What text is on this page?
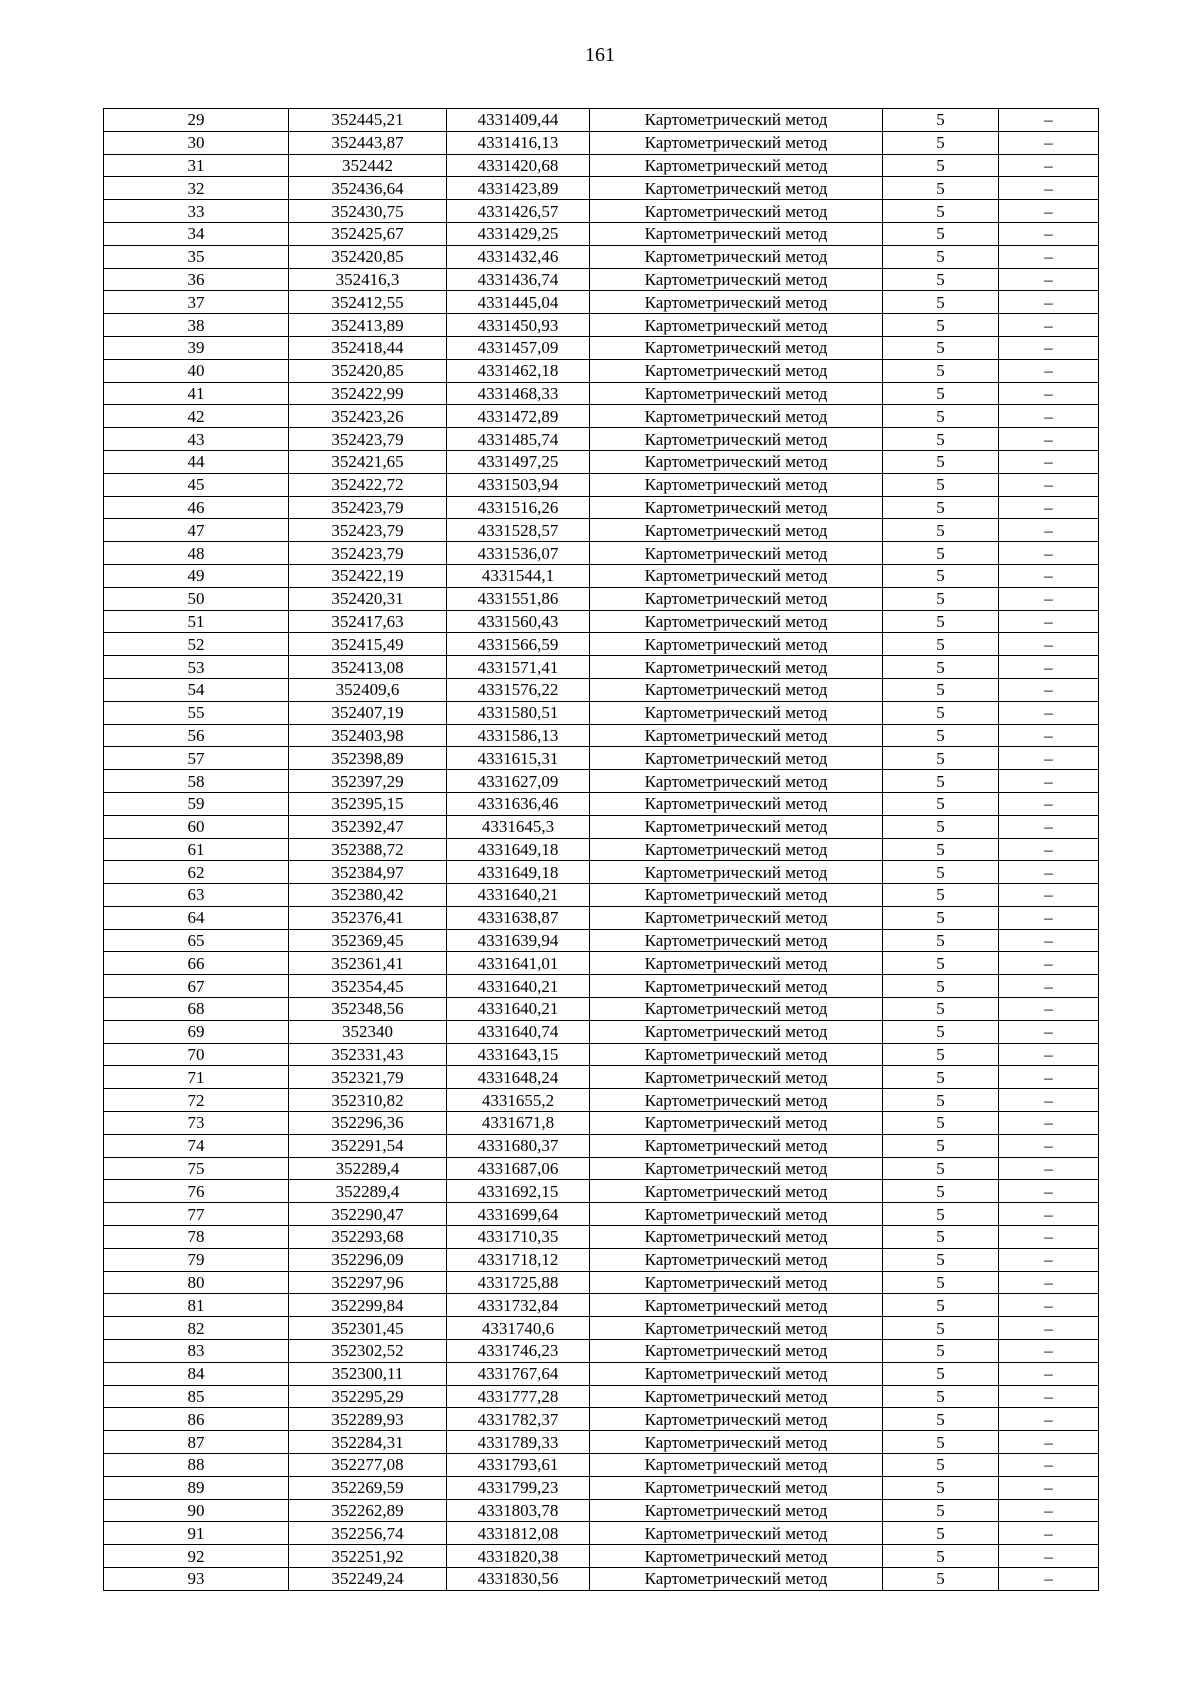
161
29	352445,21	4331409,44	Картометрический метод	5	–
30	352443,87	4331416,13	Картометрический метод	5	–
31	352442	4331420,68	Картометрический метод	5	–
32	352436,64	4331423,89	Картометрический метод	5	–
33	352430,75	4331426,57	Картометрический метод	5	–
34	352425,67	4331429,25	Картометрический метод	5	–
35	352420,85	4331432,46	Картометрический метод	5	–
36	352416,3	4331436,74	Картометрический метод	5	–
37	352412,55	4331445,04	Картометрический метод	5	–
38	352413,89	4331450,93	Картометрический метод	5	–
39	352418,44	4331457,09	Картометрический метод	5	–
40	352420,85	4331462,18	Картометрический метод	5	–
41	352422,99	4331468,33	Картометрический метод	5	–
42	352423,26	4331472,89	Картометрический метод	5	–
43	352423,79	4331485,74	Картометрический метод	5	–
44	352421,65	4331497,25	Картометрический метод	5	–
45	352422,72	4331503,94	Картометрический метод	5	–
46	352423,79	4331516,26	Картометрический метод	5	–
47	352423,79	4331528,57	Картометрический метод	5	–
48	352423,79	4331536,07	Картометрический метод	5	–
49	352422,19	4331544,1	Картометрический метод	5	–
50	352420,31	4331551,86	Картометрический метод	5	–
51	352417,63	4331560,43	Картометрический метод	5	–
52	352415,49	4331566,59	Картометрический метод	5	–
53	352413,08	4331571,41	Картометрический метод	5	–
54	352409,6	4331576,22	Картометрический метод	5	–
55	352407,19	4331580,51	Картометрический метод	5	–
56	352403,98	4331586,13	Картометрический метод	5	–
57	352398,89	4331615,31	Картометрический метод	5	–
58	352397,29	4331627,09	Картометрический метод	5	–
59	352395,15	4331636,46	Картометрический метод	5	–
60	352392,47	4331645,3	Картометрический метод	5	–
61	352388,72	4331649,18	Картометрический метод	5	–
62	352384,97	4331649,18	Картометрический метод	5	–
63	352380,42	4331640,21	Картометрический метод	5	–
64	352376,41	4331638,87	Картометрический метод	5	–
65	352369,45	4331639,94	Картометрический метод	5	–
66	352361,41	4331641,01	Картометрический метод	5	–
67	352354,45	4331640,21	Картометрический метод	5	–
68	352348,56	4331640,21	Картометрический метод	5	–
69	352340	4331640,74	Картометрический метод	5	–
70	352331,43	4331643,15	Картометрический метод	5	–
71	352321,79	4331648,24	Картометрический метод	5	–
72	352310,82	4331655,2	Картометрический метод	5	–
73	352296,36	4331671,8	Картометрический метод	5	–
74	352291,54	4331680,37	Картометрический метод	5	–
75	352289,4	4331687,06	Картометрический метод	5	–
76	352289,4	4331692,15	Картометрический метод	5	–
77	352290,47	4331699,64	Картометрический метод	5	–
78	352293,68	4331710,35	Картометрический метод	5	–
79	352296,09	4331718,12	Картометрический метод	5	–
80	352297,96	4331725,88	Картометрический метод	5	–
81	352299,84	4331732,84	Картометрический метод	5	–
82	352301,45	4331740,6	Картометрический метод	5	–
83	352302,52	4331746,23	Картометрический метод	5	–
84	352300,11	4331767,64	Картометрический метод	5	–
85	352295,29	4331777,28	Картометрический метод	5	–
86	352289,93	4331782,37	Картометрический метод	5	–
87	352284,31	4331789,33	Картометрический метод	5	–
88	352277,08	4331793,61	Картометрический метод	5	–
89	352269,59	4331799,23	Картометрический метод	5	–
90	352262,89	4331803,78	Картометрический метод	5	–
91	352256,74	4331812,08	Картометрический метод	5	–
92	352251,92	4331820,38	Картометрический метод	5	–
93	352249,24	4331830,56	Картометрический метод	5	–
